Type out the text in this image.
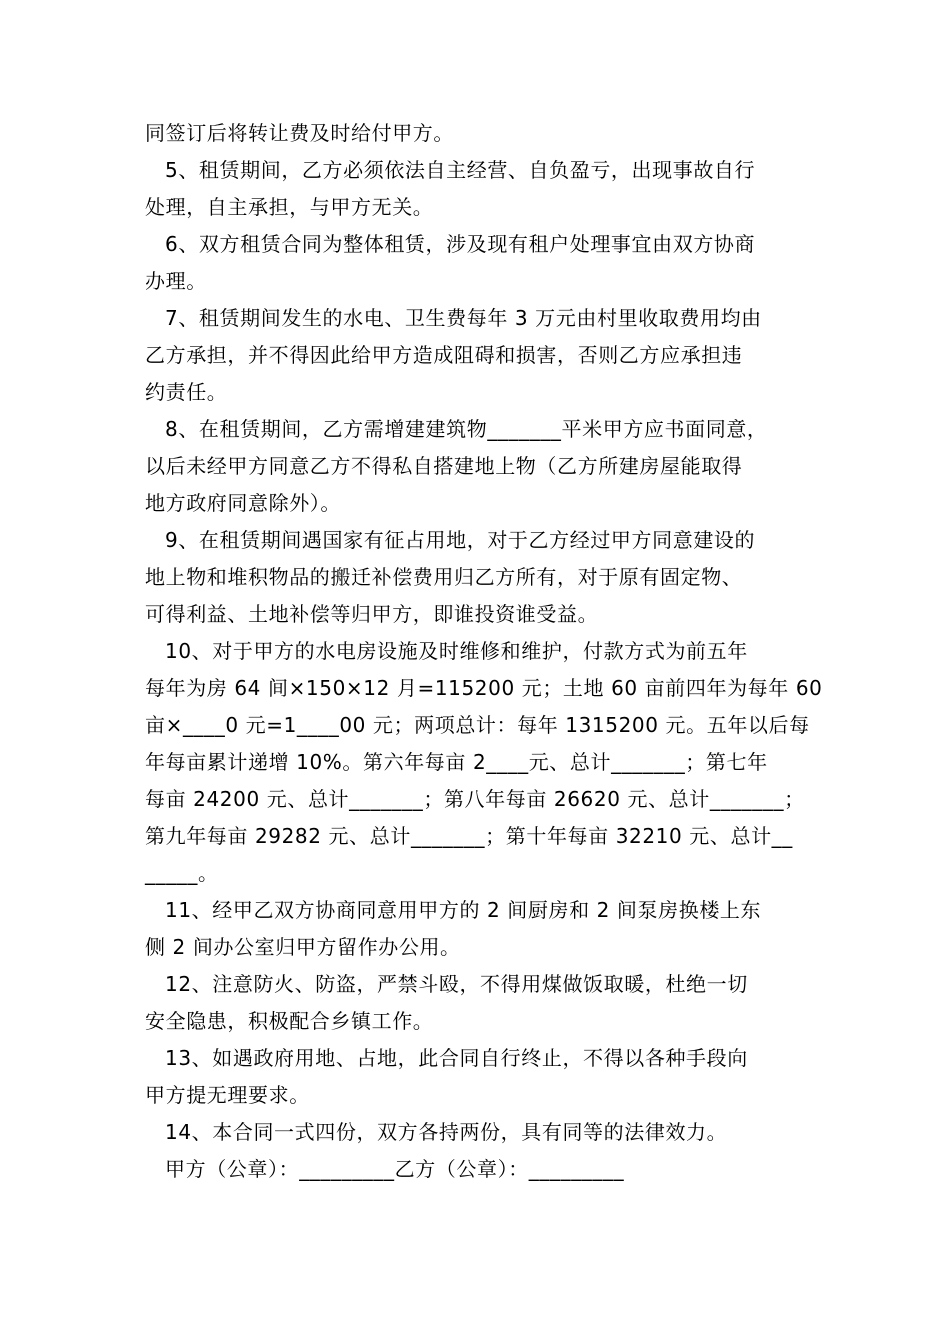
同签订后将转让费及时给付甲方。
5、租赁期间，乙方必须依法自主经营、自负盈亏，出现事故自行
处理，自主承担，与甲方无关。
6、双方租赁合同为整体租赁，涉及现有租户处理事宜由双方协商
办理。
7、租赁期间发生的水电、卫生费每年 3 万元由村里收取费用均由
乙方承担，并不得因此给甲方造成阻碍和损害，否则乙方应承担违
约责任。
8、在租赁期间，乙方需增建建筑物_______平米甲方应书面同意，
以后未经甲方同意乙方不得私自搭建地上物（乙方所建房屋能取得
地方政府同意除外）。
9、在租赁期间遇国家有征占用地，对于乙方经过甲方同意建设的
地上物和堆积物品的搬迁补偿费用归乙方所有，对于原有固定物、
可得利益、土地补偿等归甲方，即谁投资谁受益。
10、对于甲方的水电房设施及时维修和维护，付款方式为前五年
每年为房 64 间×150×12 月=115200 元；土地 60 亩前四年为每年 60
亩×____0 元=1____00 元；两项总计：每年 1315200 元。五年以后每
年每亩累计递增 10%。第六年每亩 2____元、总计_______；第七年
每亩 24200 元、总计_______；第八年每亩 26620 元、总计_______；
第九年每亩 29282 元、总计_______；第十年每亩 32210 元、总计__
_____。
11、经甲乙双方协商同意用甲方的 2 间厨房和 2 间泵房换楼上东
侧 2 间办公室归甲方留作办公用。
12、注意防火、防盗，严禁斗殴，不得用煤做饭取暖，杜绝一切
安全隐患，积极配合乡镇工作。
13、如遇政府用地、占地，此合同自行终止，不得以各种手段向
甲方提无理要求。
14、本合同一式四份，双方各持两份，具有同等的法律效力。
甲方（公章）：_________乙方（公章）：_________
